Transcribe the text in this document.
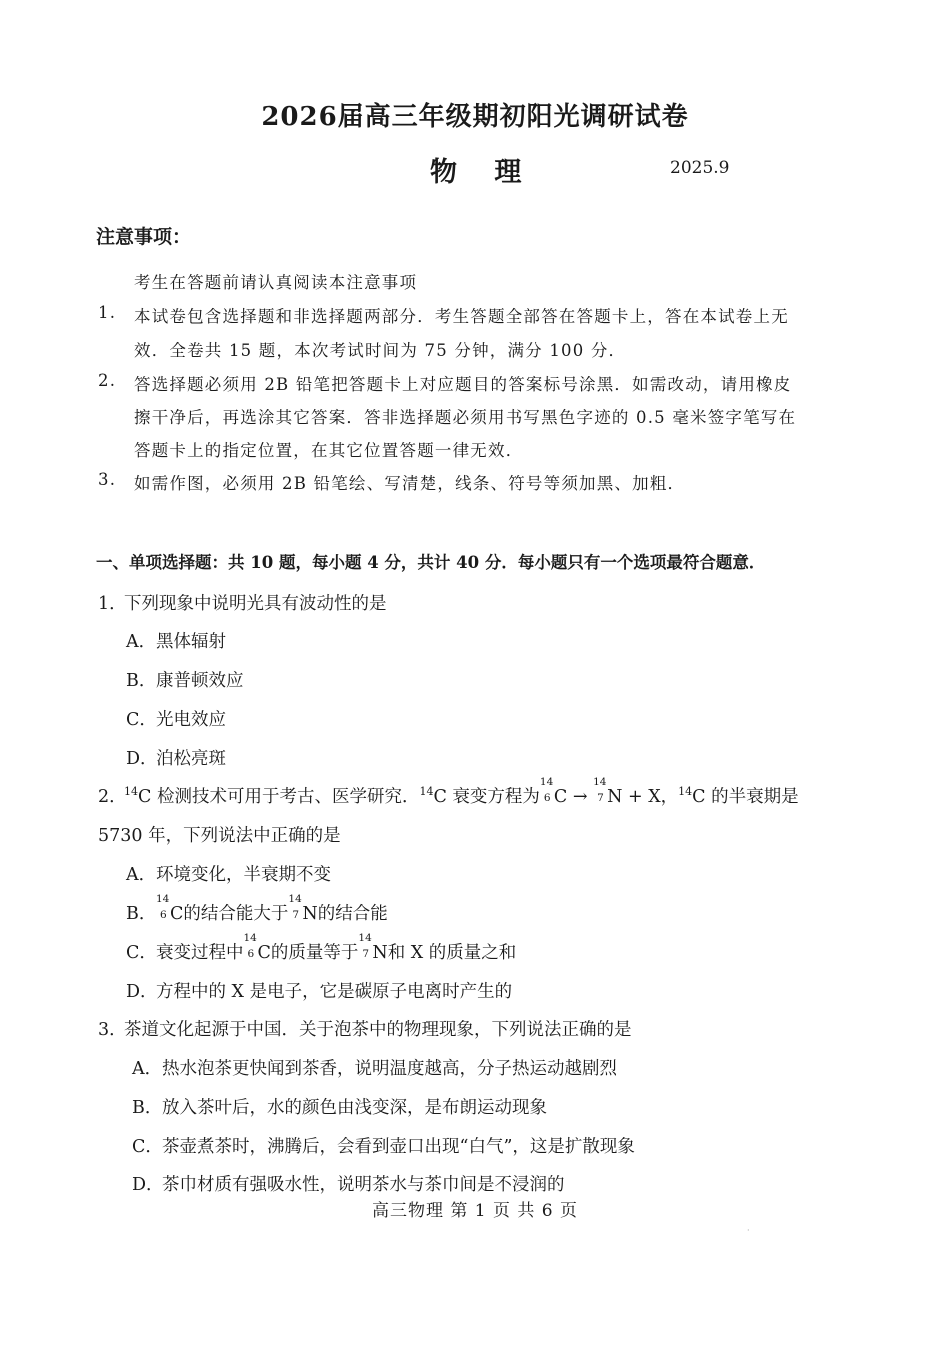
2026届高三年级期初阳光调研试卷
物 理	2025.9
注意事项：
考生在答题前请认真阅读本注意事项
1. 本试卷包含选择题和非选择题两部分．考生答题全部答在答题卡上，答在本试卷上无
效．全卷共 15 题，本次考试时间为 75 分钟，满分 100 分．
2. 答选择题必须用 2B 铅笔把答题卡上对应题目的答案标号涂黑．如需改动，请用橡皮
擦干净后，再选涂其它答案．答非选择题必须用书写黑色字迹的 0.5 毫米签字笔写在
答题卡上的指定位置，在其它位置答题一律无效．
3. 如需作图，必须用 2B 铅笔绘、写清楚，线条、符号等须加黑、加粗．
一、单项选择题：共 10 题，每小题 4 分，共计 40 分．每小题只有一个选项最符合题意．
1．
下列现象中说明光具有波动性的是
A．黑体辐射
B．康普顿效应
C．光电效应
D．泊松亮斑
2．
$^{14}$C 检测技术可用于考古、医学研究．$^{14}$C 衰变方程为
14
6 C →
14
7 N + X，$^{14}$C 的半衰期是
5730 年，下列说法中正确的是
A．环境变化，半衰期不变
B．
14
6 C的结合能大于
14
7 N的结合能
C．衰变过程中
14
6 C的质量等于
14
7 N和 X 的质量之和
D．方程中的 X 是电子，它是碳原子电离时产生的
3．
茶道文化起源于中国．关于泡茶中的物理现象，下列说法正确的是
A．热水泡茶更快闻到茶香，说明温度越高，分子热运动越剧烈
B．放入茶叶后，水的颜色由浅变深，是布朗运动现象
C．茶壶煮茶时，沸腾后，会看到壶口出现“白气”，这是扩散现象
D．茶巾材质有强吸水性，说明茶水与茶巾间是不浸润的
高三物理 第 1 页 共 6 页
·
